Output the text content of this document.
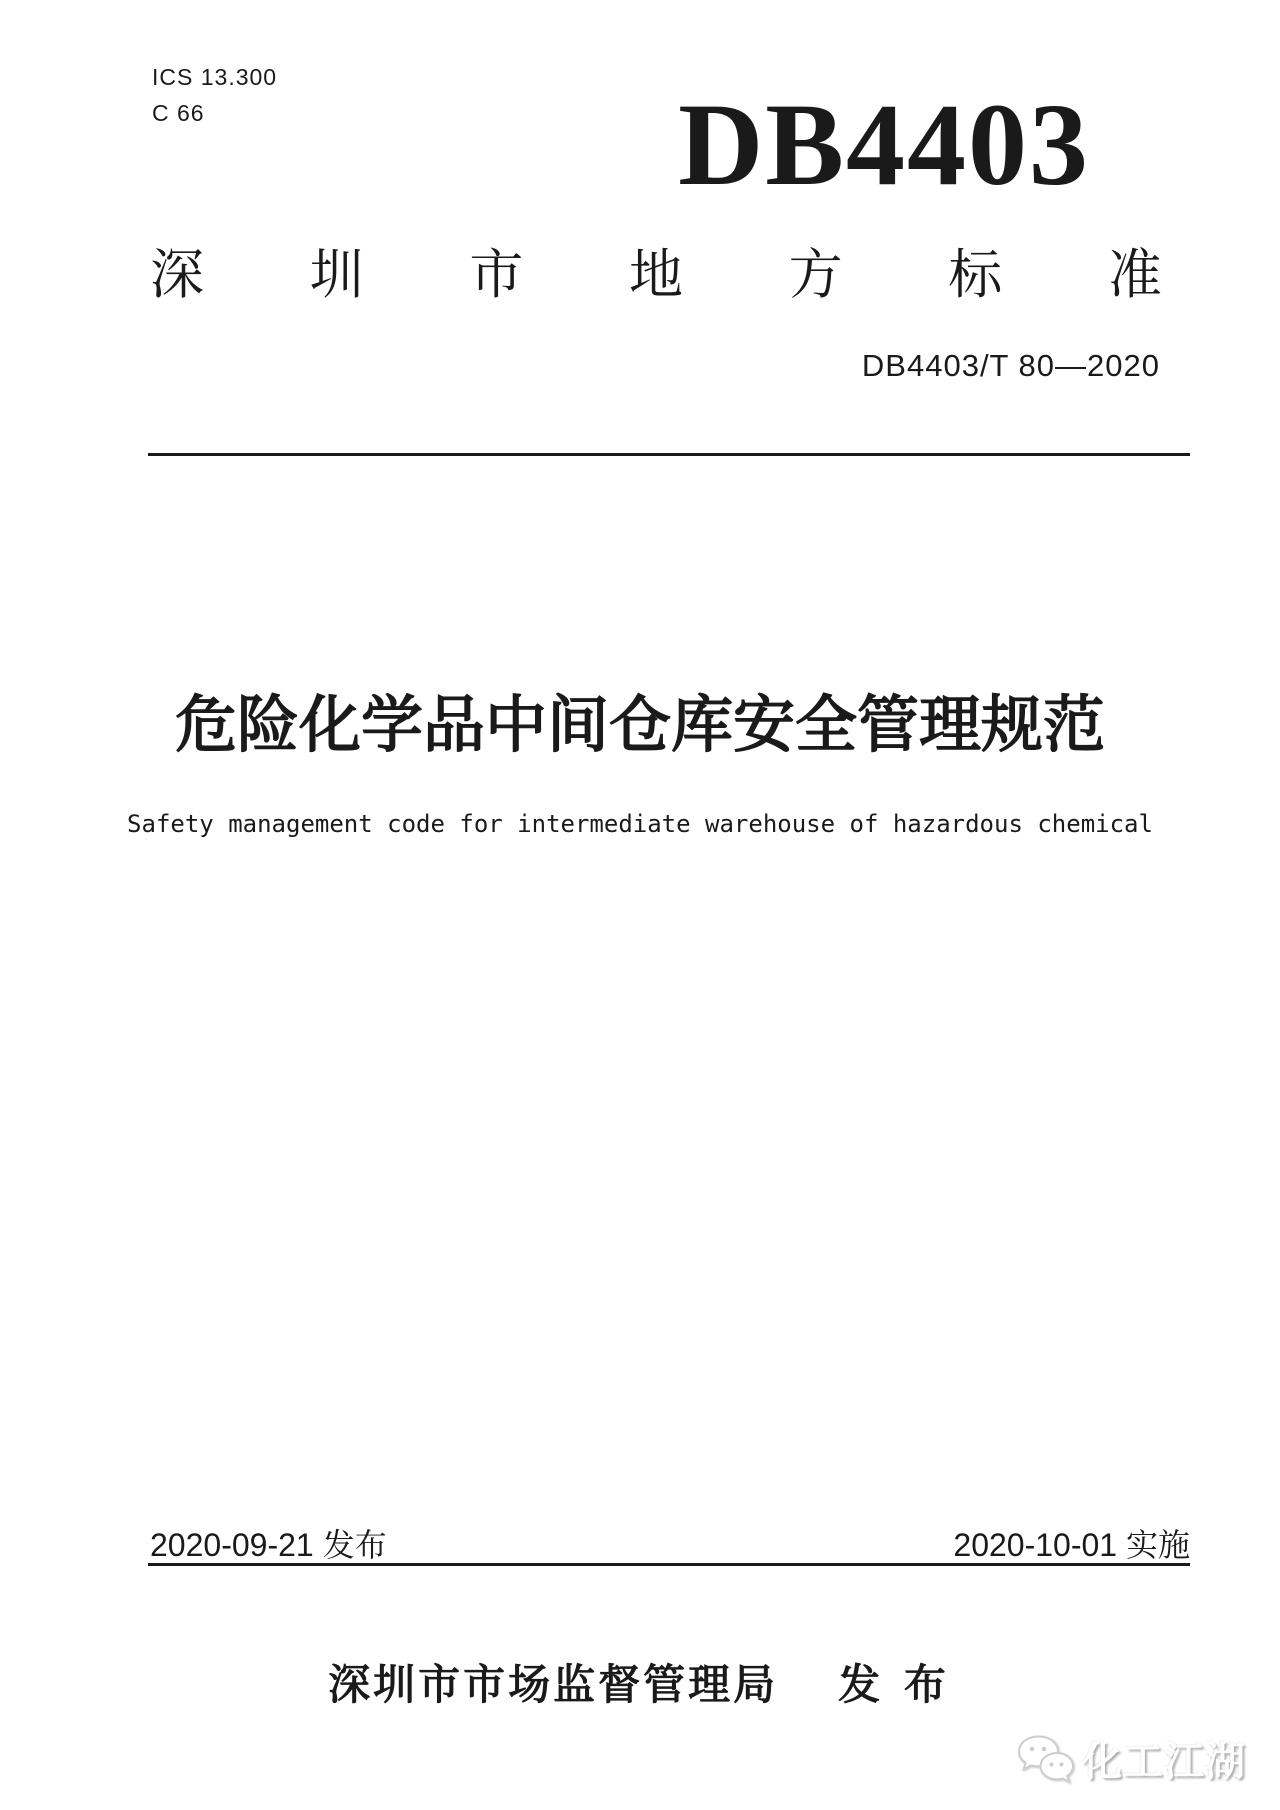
ICS 13.300
C 66	DB4403
深 圳 市 地 方 标 准
DB4403/T 80—2020
危险化学品中间仓库安全管理规范
Safety management code for intermediate warehouse of hazardous chemical
2020-09-21 发布	2020-10-01 实施
深圳市市场监督管理局 发 布
化工江湖
